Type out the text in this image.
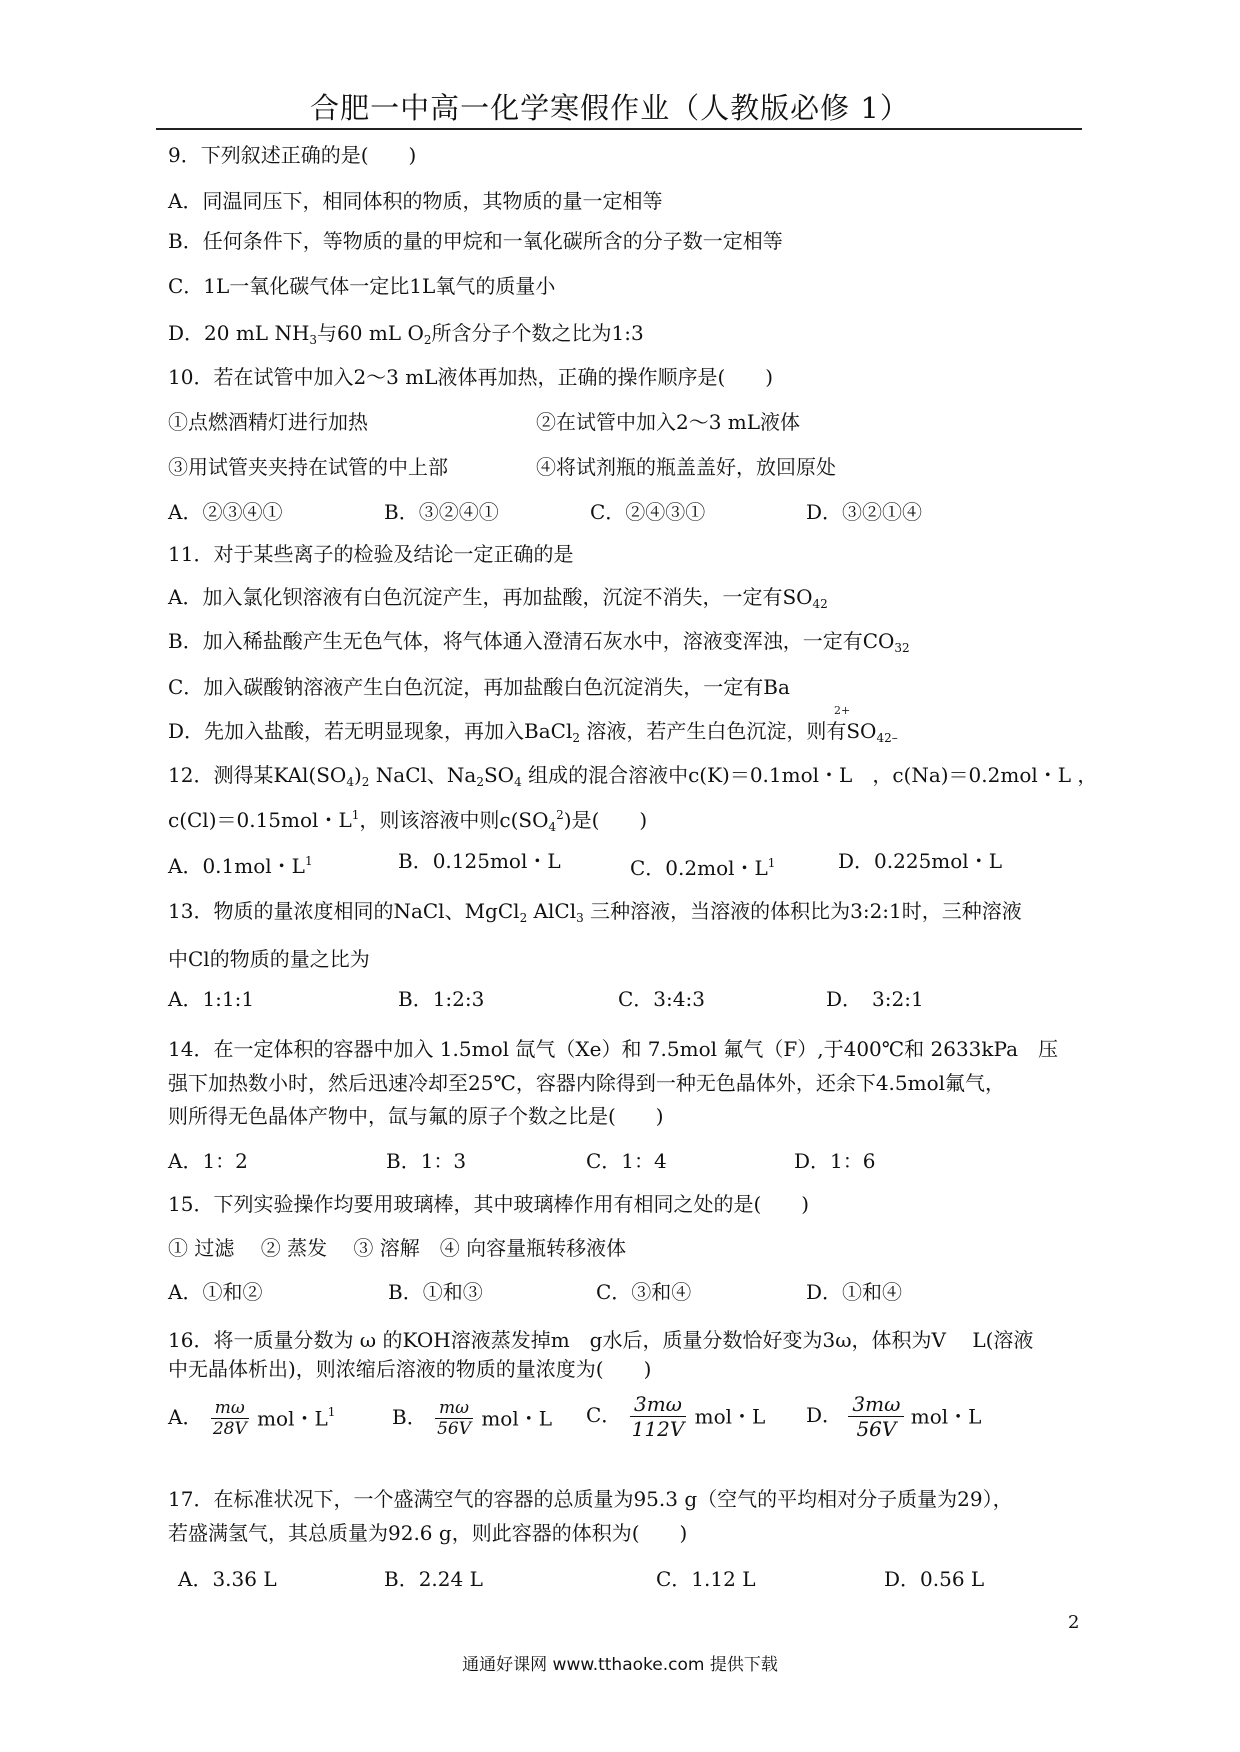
合肥一中高一化学寒假作业（人教版必修 1）
9．下列叙述正确的是(　　)
A．同温同压下，相同体积的物质，其物质的量一定相等
B．任何条件下，等物质的量的甲烷和一氧化碳所含的分子数一定相等
C．1L一氧化碳气体一定比1L氧气的质量小
D．20 mL $NH_3$与60 mL $O_2$所含分子个数之比为1:3
10．若在试管中加入2～3 mL液体再加热，正确的操作顺序是(　　)
①点燃酒精灯进行加热	②在试管中加入2～3 mL液体
③用试管夹夹持在试管的中上部	④将试剂瓶的瓶盖盖好，放回原处
A．②③④①	B．③②④①	C．②④③①	D．③②①④
11．对于某些离子的检验及结论一定正确的是
A．加入氯化钡溶液有白色沉淀产生，再加盐酸，沉淀不消失，一定有$SO_{42}$
B．加入稀盐酸产生无色气体，将气体通入澄清石灰水中，溶液变浑浊，一定有$CO_{32}$
C．加入碳酸钠溶液产生白色沉淀，再加盐酸白色沉淀消失，一定有Ba
2+
D．先加入盐酸，若无明显现象，再加入BaCl$_2$ 溶液，若产生白色沉淀，则有$SO_{42-}$
12．测得某$KAl(SO_4)_2$ NaCl、$Na_2SO_4$ 组成的混合溶液中c(K)＝0.1mol・L　，c(Na)＝0.2mol・L ，
c(Cl)＝0.15mol・$L^1$，则该溶液中则$c(SO_4^2)$是(　　)
A．0.1mol・$L^1$	B．0.125mol・L	C．0.2mol・$L^1$	D．0.225mol・L
13．物质的量浓度相同的NaCl、MgCl$_2$ AlCl$_3$ 三种溶液，当溶液的体积比为3:2:1时，三种溶液
中Cl的物质的量之比为
A．1:1:1	B．1:2:3	C．3:4:3	D．　3:2:1
14．在一定体积的容器中加入 1.5mol 氙气（Xe）和 7.5mol 氟气（F）,于400℃和 2633kPa　压
强下加热数小时，然后迅速冷却至25℃，容器内除得到一种无色晶体外，还余下4.5mol氟气，
则所得无色晶体产物中，氙与氟的原子个数之比是(　　)
A．1：2	B．1：3	C．1：4	D．1：6
15．下列实验操作均要用玻璃棒，其中玻璃棒作用有相同之处的是(　　)
① 过滤　 ② 蒸发　 ③ 溶解　④ 向容量瓶转移液体
A．①和②	B．①和③	C．③和④	D．①和④
16．将一质量分数为 ω 的KOH溶液蒸发掉m　g水后，质量分数恰好变为3ω，体积为V　 L(溶液
中无晶体析出)，则浓缩后溶液的物质的量浓度为(　　)
A． $\frac{m\omega}{28V}$ mol・$L^1$	B． $\frac{m\omega}{56V}$ mol・L C． $\frac{3m\omega}{112V}$ mol・L D． $\frac{3m\omega}{56V}$ mol・L
17．在标准状况下，一个盛满空气的容器的总质量为95.3 g（空气的平均相对分子质量为29），
若盛满氢气，其总质量为92.6 g，则此容器的体积为(　　)
A．3.36 L	B．2.24 L	C．1.12 L	D．0.56 L
2
通通好课网 www.tthaoke.com 提供下载
